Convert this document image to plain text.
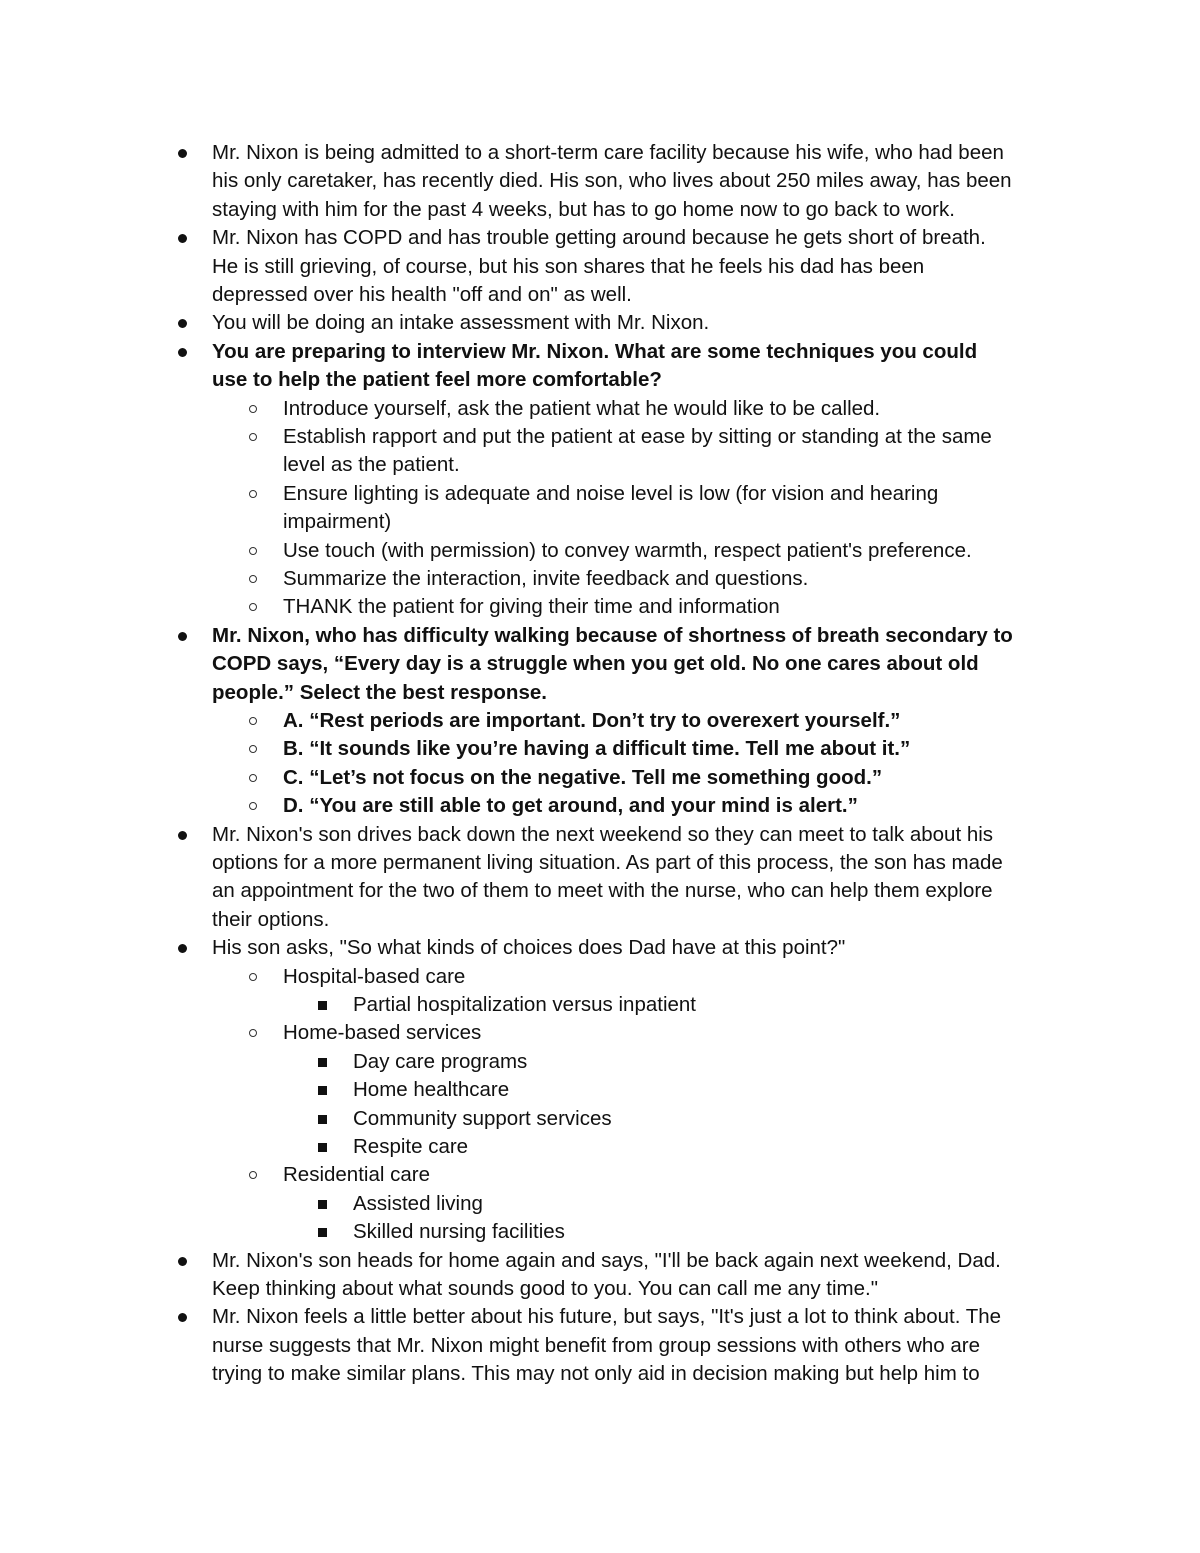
Mr. Nixon is being admitted to a short-term care facility because his wife, who had been
his only caretaker, has recently died. His son, who lives about 250 miles away, has been
staying with him for the past 4 weeks, but has to go home now to go back to work.
Mr. Nixon has COPD and has trouble getting around because he gets short of breath.
He is still grieving, of course, but his son shares that he feels his dad has been
depressed over his health "off and on" as well.
You will be doing an intake assessment with Mr. Nixon.
You are preparing to interview Mr. Nixon. What are some techniques you could
use to help the patient feel more comfortable?
Introduce yourself, ask the patient what he would like to be called.
Establish rapport and put the patient at ease by sitting or standing at the same
level as the patient.
Ensure lighting is adequate and noise level is low (for vision and hearing
impairment)
Use touch (with permission) to convey warmth, respect patient's preference.
Summarize the interaction, invite feedback and questions.
THANK the patient for giving their time and information
Mr. Nixon, who has difficulty walking because of shortness of breath secondary to
COPD says, “Every day is a struggle when you get old. No one cares about old
people.” Select the best response.
A. “Rest periods are important. Don’t try to overexert yourself.”
B. “It sounds like you’re having a difficult time. Tell me about it.”
C. “Let’s not focus on the negative. Tell me something good.”
D. “You are still able to get around, and your mind is alert.”
Mr. Nixon's son drives back down the next weekend so they can meet to talk about his
options for a more permanent living situation. As part of this process, the son has made
an appointment for the two of them to meet with the nurse, who can help them explore
their options.
His son asks, "So what kinds of choices does Dad have at this point?"
Hospital-based care
Partial hospitalization versus inpatient
Home-based services
Day care programs
Home healthcare
Community support services
Respite care
Residential care
Assisted living
Skilled nursing facilities
Mr. Nixon's son heads for home again and says, "I'll be back again next weekend, Dad.
Keep thinking about what sounds good to you. You can call me any time."
Mr. Nixon feels a little better about his future, but says, "It's just a lot to think about. The
nurse suggests that Mr. Nixon might benefit from group sessions with others who are
trying to make similar plans. This may not only aid in decision making but help him to
